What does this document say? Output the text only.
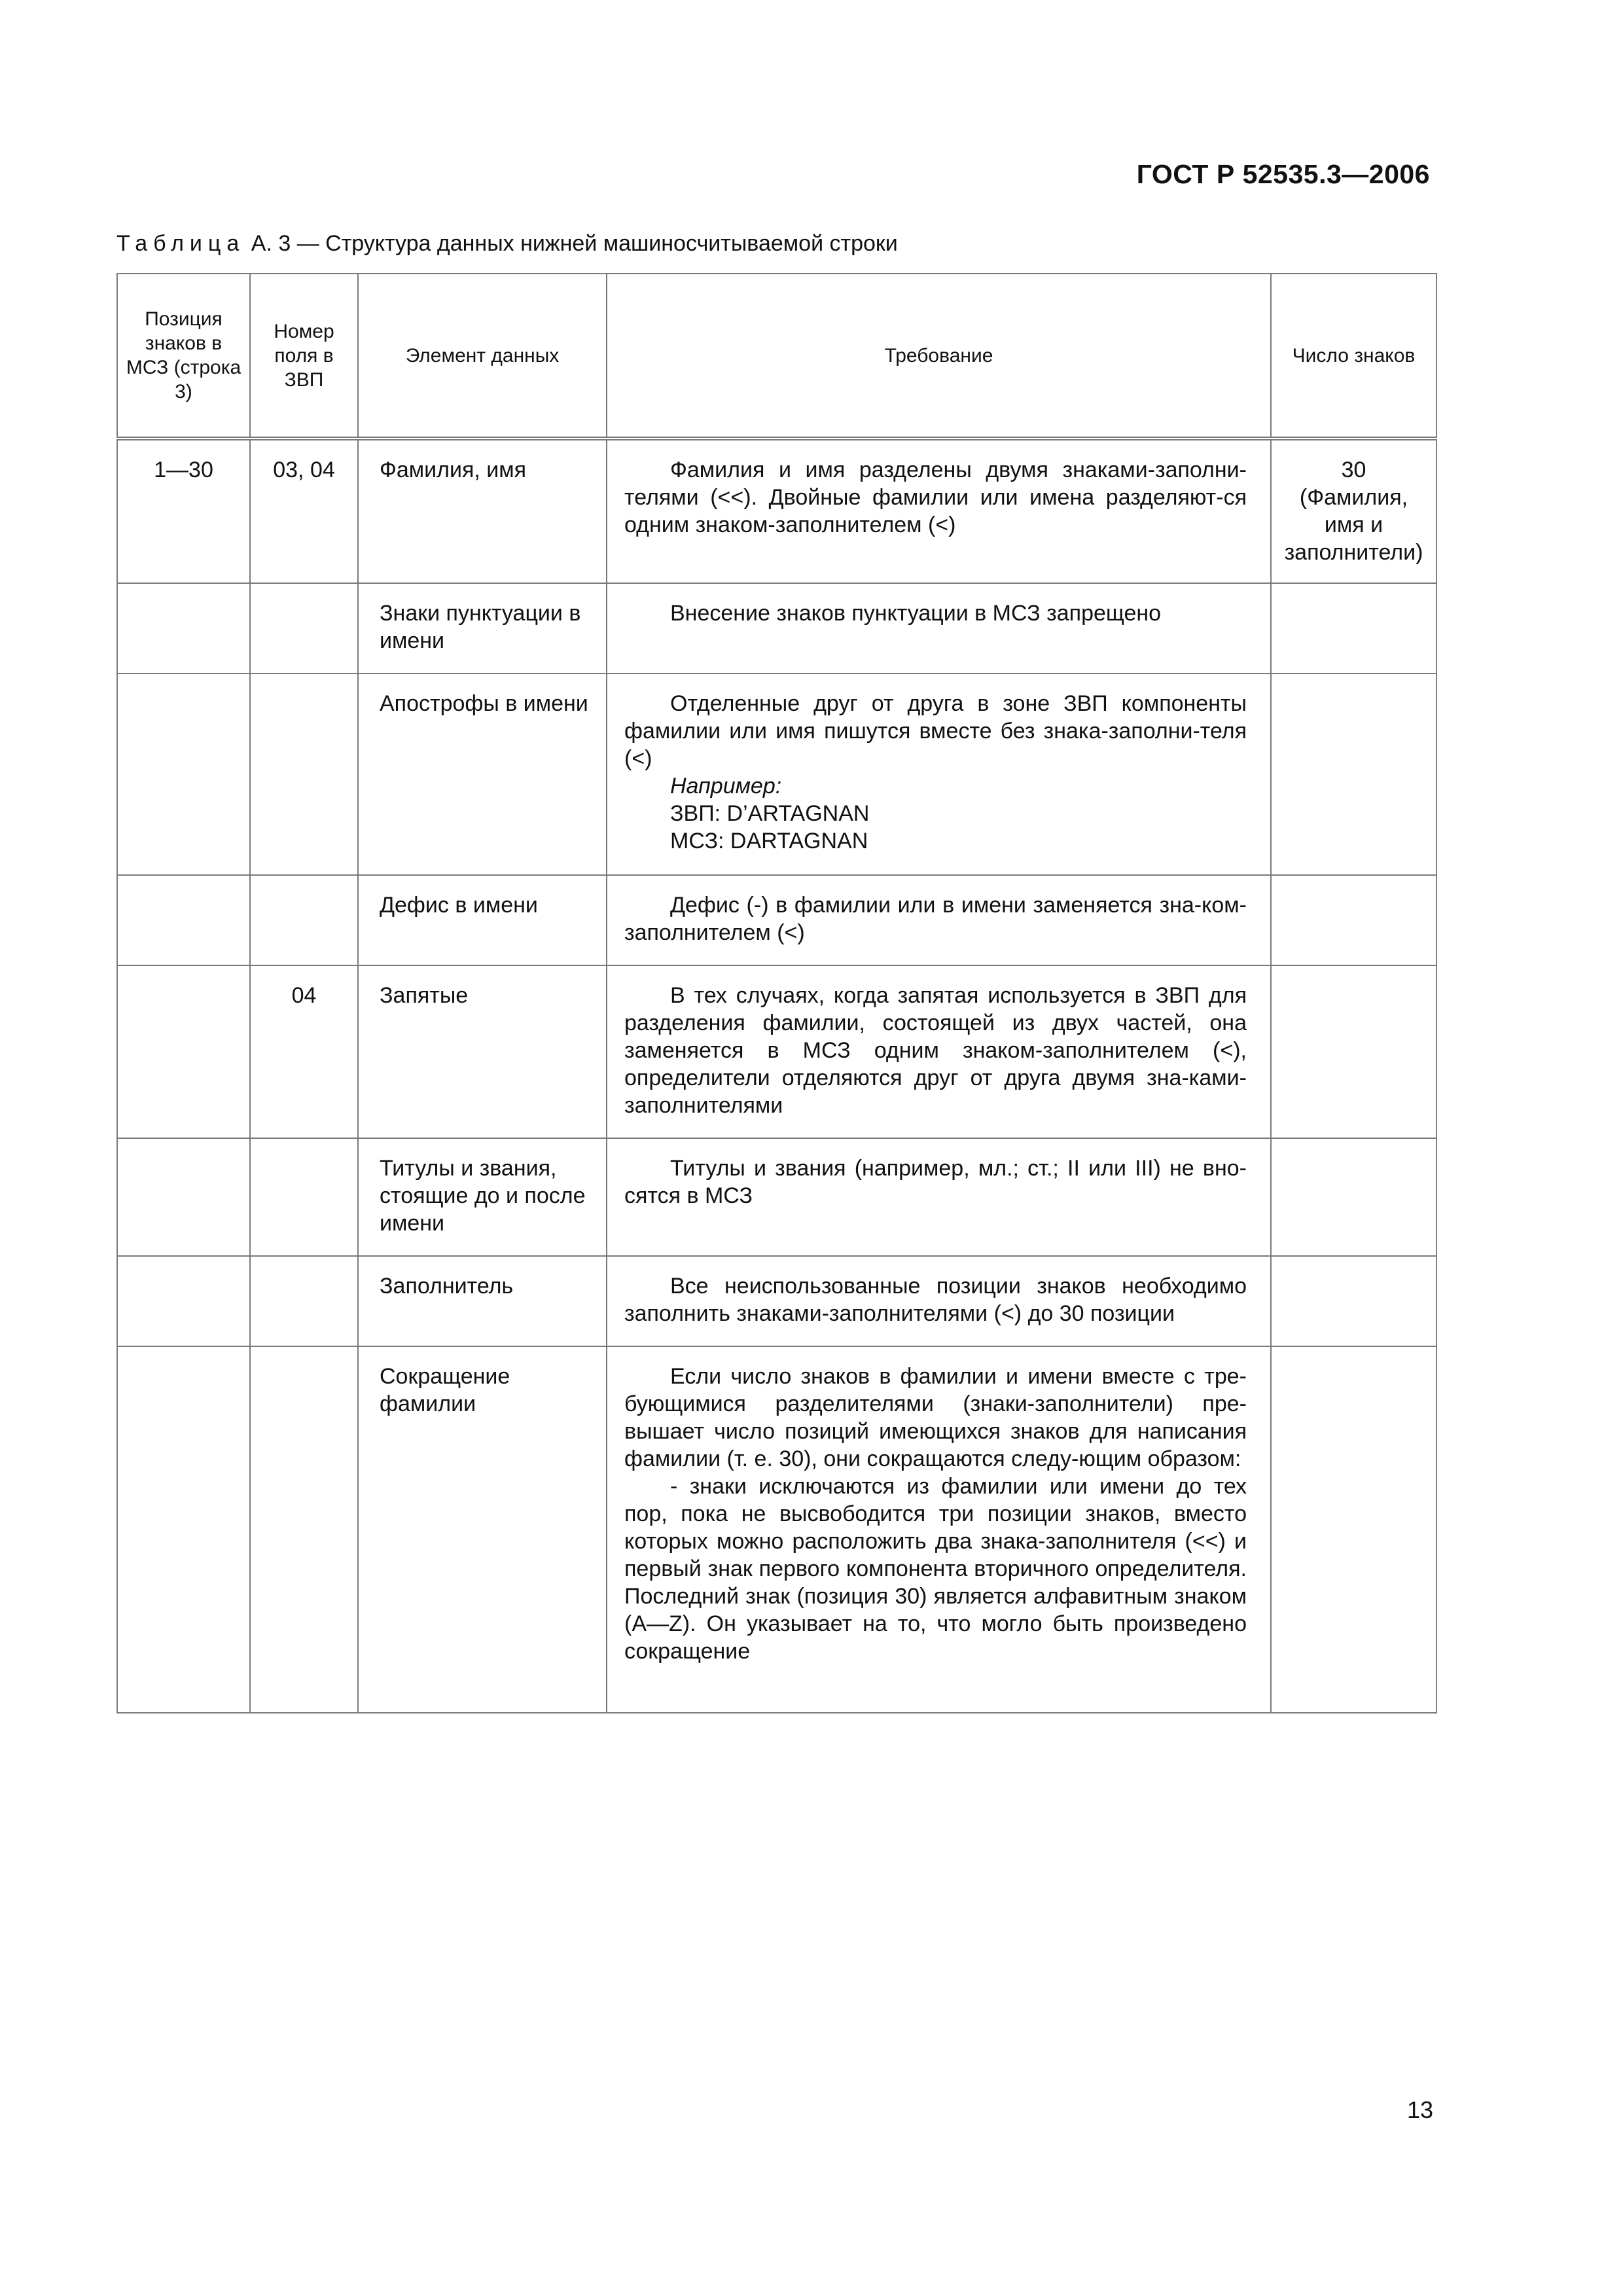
ГОСТ Р 52535.3—2006
Таблица А. 3 — Структура данных нижней машиносчитываемой строки
Позиция знаков в МСЗ (строка 3)	Номер поля в ЗВП	Элемент данных	Требование	Число знаков
1—30	03, 04	Фамилия, имя	Фамилия и имя разделены двумя знаками-заполни-телями (<<). Двойные фамилии или имена разделяют-ся одним знаком-заполнителем (<)	30
(Фамилия,
имя и
заполнители)

		Знаки пунктуации в имени	Внесение знаков пунктуации в МСЗ запрещено	
		Апострофы в имени	Отделенные друг от друга в зоне ЗВП компоненты фамилии или имя пишутся вместе без знака-заполни-теля (<)
Например:
ЗВП: D’ARTAGNAN
МСЗ: DARTAGNAN	

		Дефис в имени	Дефис (-) в фамилии или в имени заменяется зна-ком-заполнителем (<)	
	04	Запятые	В тех случаях, когда запятая используется в ЗВП для разделения фамилии, состоящей из двух частей, она заменяется в МСЗ одним знаком-заполнителем (<), определители отделяются друг от друга двумя зна-ками-заполнителями	
		Титулы и звания, стоящие до и после имени	Титулы и звания (например, мл.; ст.; II или III) не вно-сятся в МСЗ	
		Заполнитель	Все неиспользованные позиции знаков необходимо заполнить знаками-заполнителями (<) до 30 позиции	
		Сокращение фамилии	Если число знаков в фамилии и имени вместе с тре-бующимися разделителями (знаки-заполнители) пре-вышает число позиций имеющихся знаков для написания фамилии (т. е. 30), они сокращаются следу-ющим образом:
- знаки исключаются из фамилии или имени до тех пор, пока не высвободится три позиции знаков, вместо которых можно расположить два знака-заполнителя (<<) и первый знак первого компонента вторичного определителя. Последний знак (позиция 30) является алфавитным знаком (A—Z). Он указывает на то, что могло быть произведено сокращение	

13
